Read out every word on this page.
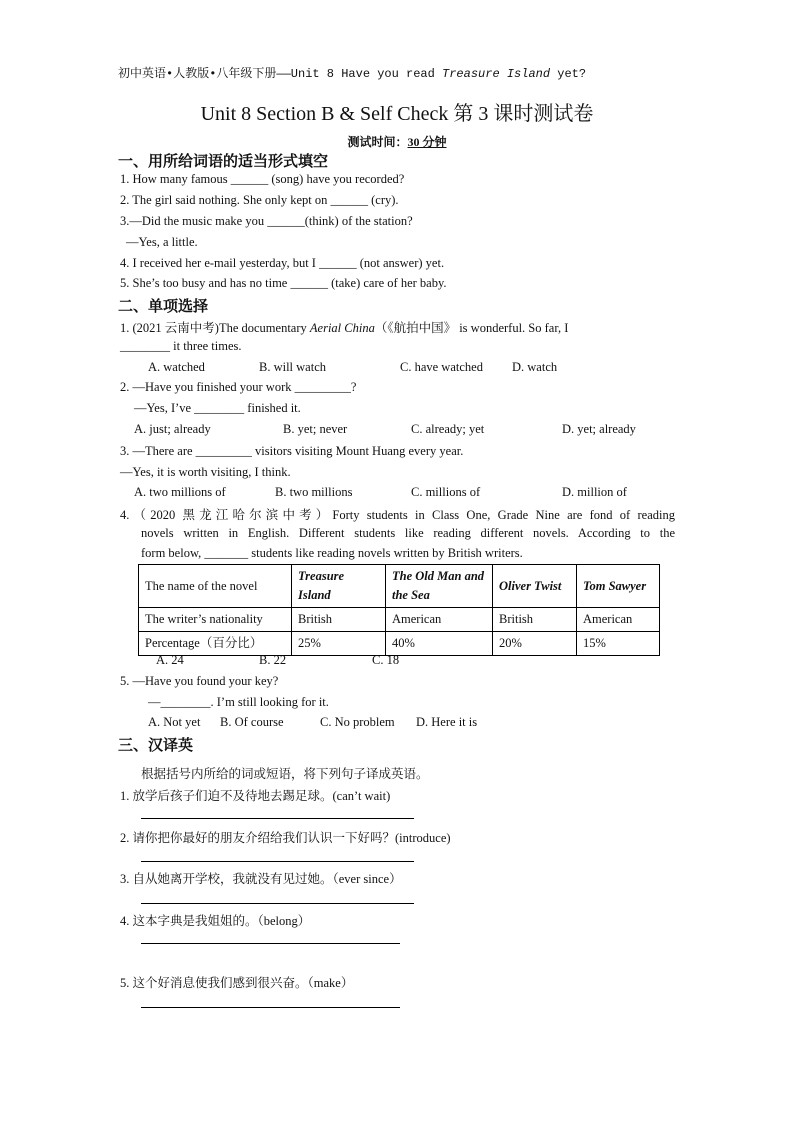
初中英语•人教版•八年级下册——Unit 8 Have you read Treasure Island yet?
Unit 8 Section B & Self Check 第 3 课时测试卷
测试时间：30 分钟
一、用所给词语的适当形式填空
1. How many famous ______ (song) have you recorded?
2. The girl said nothing. She only kept on ______ (cry).
3.—Did the music make you ______(think) of the station?
—Yes, a little.
4. I received her e-mail yesterday, but I ______ (not answer) yet.
5. She’s too busy and has no time ______ (take) care of her baby.
二、单项选择
1. (2021 云南中考)The documentary Aerial China（《航拍中国》 is wonderful. So far, I
________ it three times.
A. watched	B. will watch	C. have watched D. watch
2. —Have you finished your work _________?
—Yes, I’ve ________ finished it.
A. just; already	B. yet; never	C. already; yet	D. yet; already
3. —There are _________ visitors visiting Mount Huang every year.
—Yes, it is worth visiting, I think.
A. two millions of	B. two millions	C. millions of	D. million of
4.（2020 黑龙江哈尔滨中考）Forty students in Class One, Grade Nine are fond of reading
novels written in English. Different students like reading different novels. According to the
form below, _______ students like reading novels written by British writers.
The name of the novel	Treasure Island	The Old Man and the Sea	Oliver Twist	Tom Sawyer
The writer’s nationality	British	American	British	American
Percentage（百分比）	25%	40%	20%	15%
A. 24	B. 22	C. 18
5. —Have you found your key?
—________. I’m still looking for it.
A. Not yet B. Of course	C. No problem D. Here it is
三、汉译英
根据括号内所给的词或短语，将下列句子译成英语。
1. 放学后孩子们迫不及待地去踢足球。(can’t wait)
2. 请你把你最好的朋友介绍给我们认识一下好吗？(introduce)
3. 自从她离开学校，我就没有见过她。（ever since）
4. 这本字典是我姐姐的。（belong）
5. 这个好消息使我们感到很兴奋。（make）
